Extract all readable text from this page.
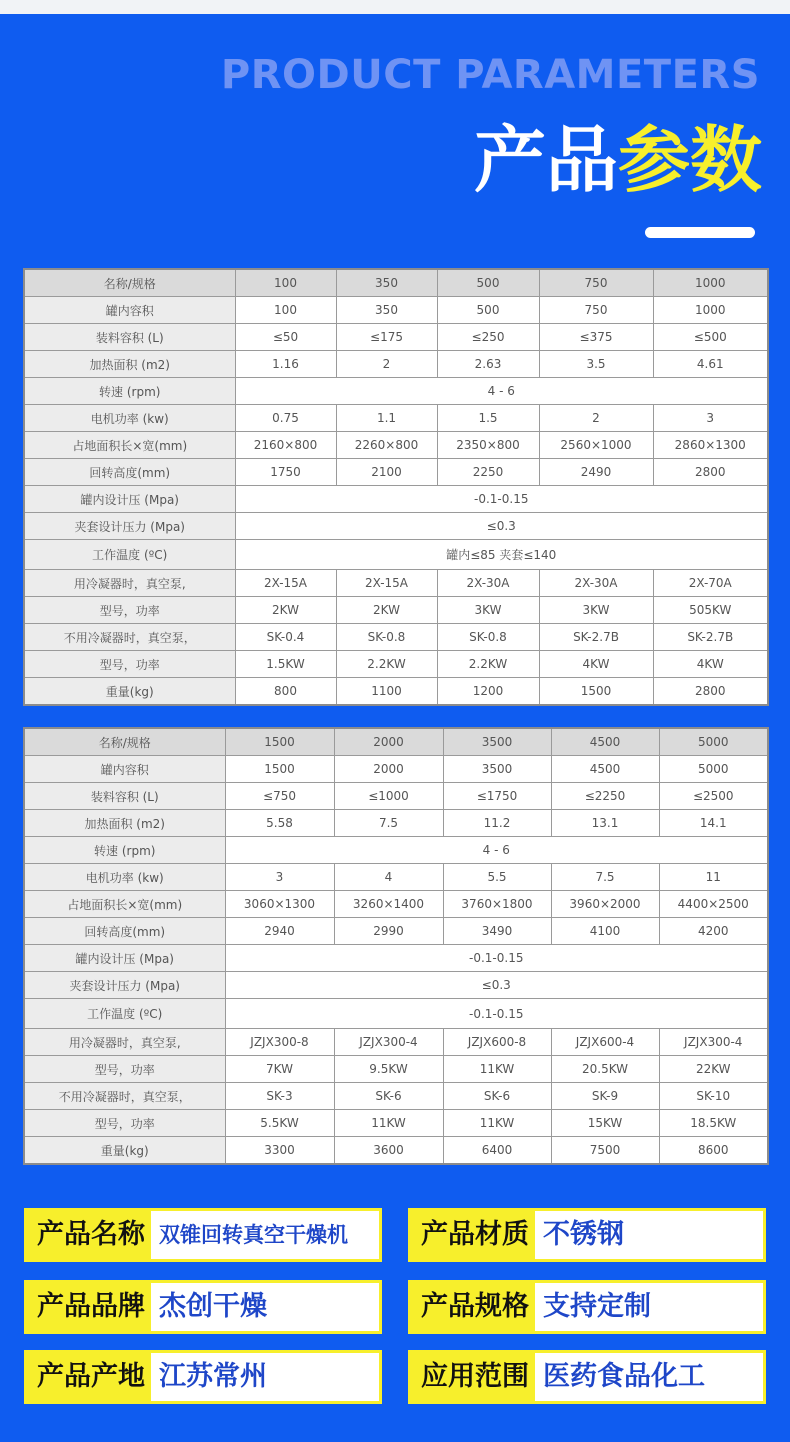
PRODUCT PARAMETERS
产品参数
名称/规格	100	350	500	750	1000
罐内容积	100	350	500	750	1000
装料容积 (L)	≤50	≤175	≤250	≤375	≤500
加热面积 (m2)	1.16	2	2.63	3.5	4.61
转速 (rpm)	4 - 6				
电机功率 (kw)	0.75	1.1	1.5	2	3
占地面积长×宽(mm)	2160×800	2260×800	2350×800	2560×1000	2860×1300
回转高度(mm)	1750	2100	2250	2490	2800
罐内设计压 (Mpa)	-0.1-0.15				
夹套设计压力 (Mpa)	≤0.3				
工作温度 (ºC)	罐内≤85 夹套≤140				
用冷凝器时，真空泵,	2X-15A	2X-15A	2X-30A	2X-30A	2X-70A
型号，功率	2KW	2KW	3KW	3KW	505KW
不用冷凝器时，真空泵，	SK-0.4	SK-0.8	SK-0.8	SK-2.7B	SK-2.7B
型号，功率	1.5KW	2.2KW	2.2KW	4KW	4KW
重量(kg)	800	1100	1200	1500	2800
名称/规格	1500	2000	3500	4500	5000
罐内容积	1500	2000	3500	4500	5000
装料容积 (L)	≤750	≤1000	≤1750	≤2250	≤2500
加热面积 (m2)	5.58	7.5	11.2	13.1	14.1
转速 (rpm)	4 - 6				
电机功率 (kw)	3	4	5.5	7.5	11
占地面积长×宽(mm)	3060×1300	3260×1400	3760×1800	3960×2000	4400×2500
回转高度(mm)	2940	2990	3490	4100	4200
罐内设计压 (Mpa)	-0.1-0.15				
夹套设计压力 (Mpa)	≤0.3				
工作温度 (ºC)	-0.1-0.15				
用冷凝器时，真空泵,	JZJX300-8	JZJX300-4	JZJX600-8	JZJX600-4	JZJX300-4
型号，功率	7KW	9.5KW	11KW	20.5KW	22KW
不用冷凝器时，真空泵，	SK-3	SK-6	SK-6	SK-9	SK-10
型号，功率	5.5KW	11KW	11KW	15KW	18.5KW
重量(kg)	3300	3600	6400	7500	8600
产品名称 双锥回转真空干燥机	产品材质 不锈钢
产品品牌 杰创干燥	产品规格 支持定制
产品产地 江苏常州	应用范围 医药食品化工
